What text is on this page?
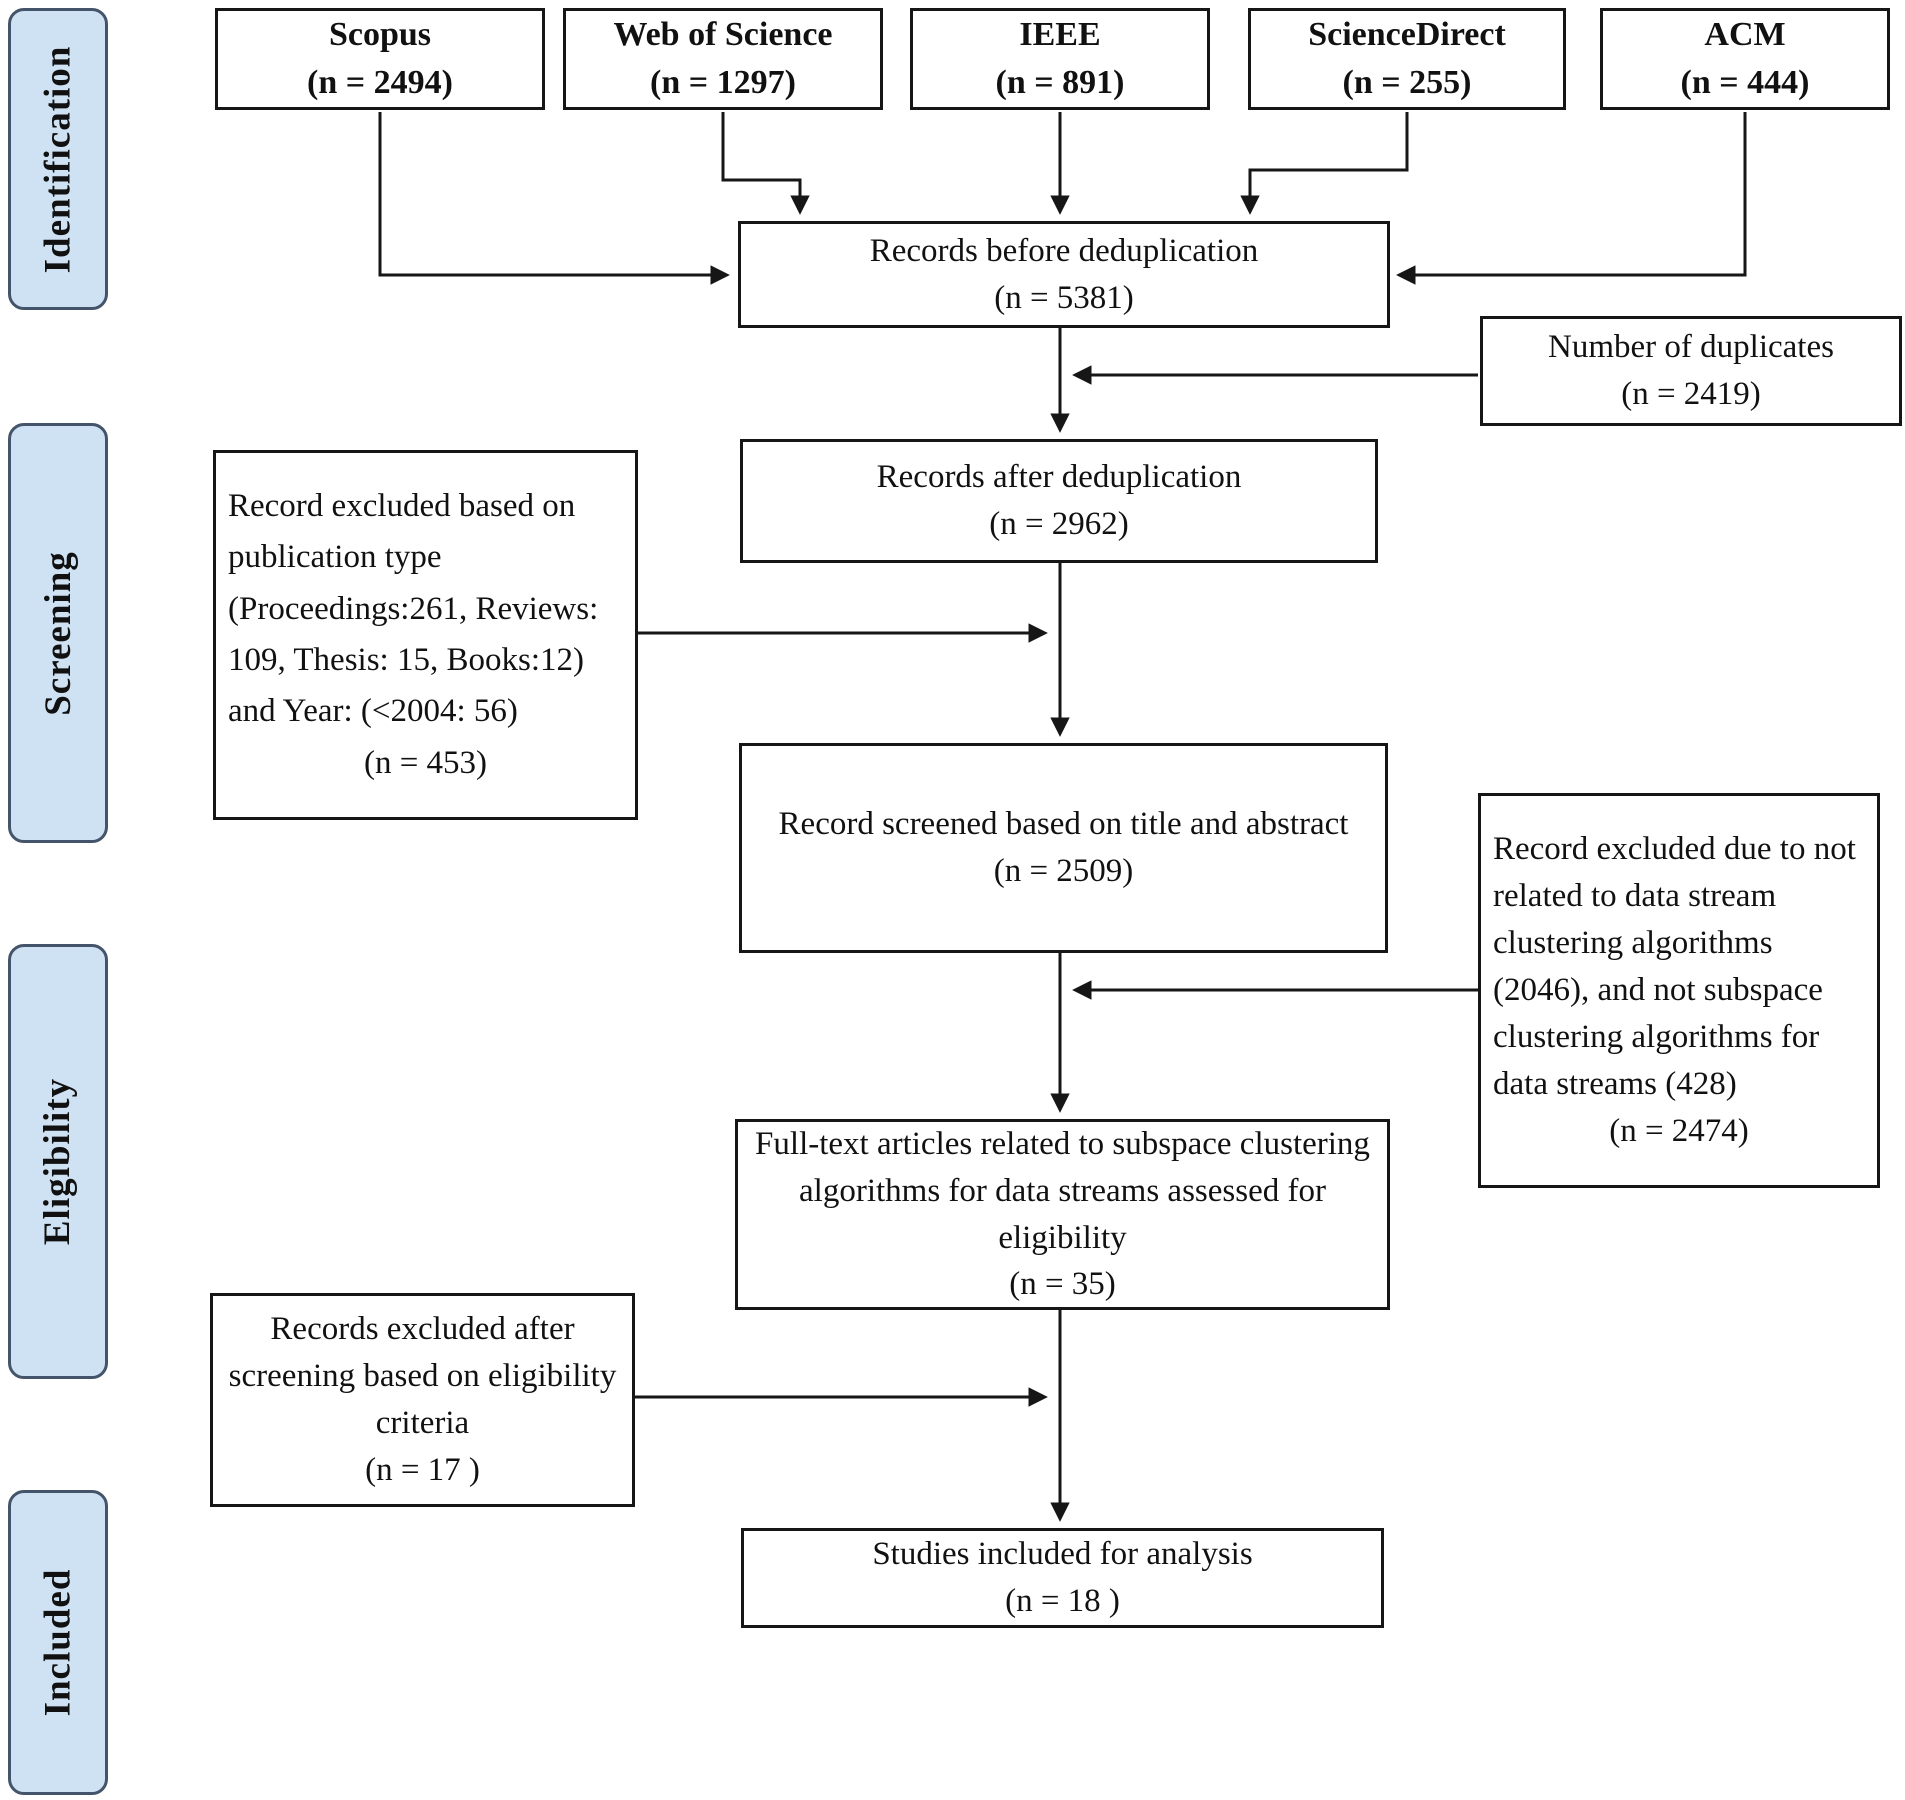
Identification
Screening
Eligibility
Included
Scopus
(n = 2494)
Web of Science
(n = 1297)
IEEE
(n = 891)
ScienceDirect
(n = 255)
ACM
(n = 444)
Records before deduplication
(n = 5381)
Number of duplicates
(n = 2419)
Records after deduplication
(n = 2962)
Record excluded based on publication type (Proceedings:261, Reviews: 109, Thesis: 15, Books:12) and Year: (<2004: 56)
(n = 453)
Record screened based on title and abstract
(n = 2509)
Record excluded due to not related to data stream clustering algorithms (2046), and not subspace clustering algorithms for data streams (428)
(n = 2474)
Full-text articles related to subspace clustering algorithms for data streams assessed for eligibility
(n = 35)
Records excluded after screening based on eligibility criteria
(n = 17 )
Studies included for analysis
(n = 18 )
